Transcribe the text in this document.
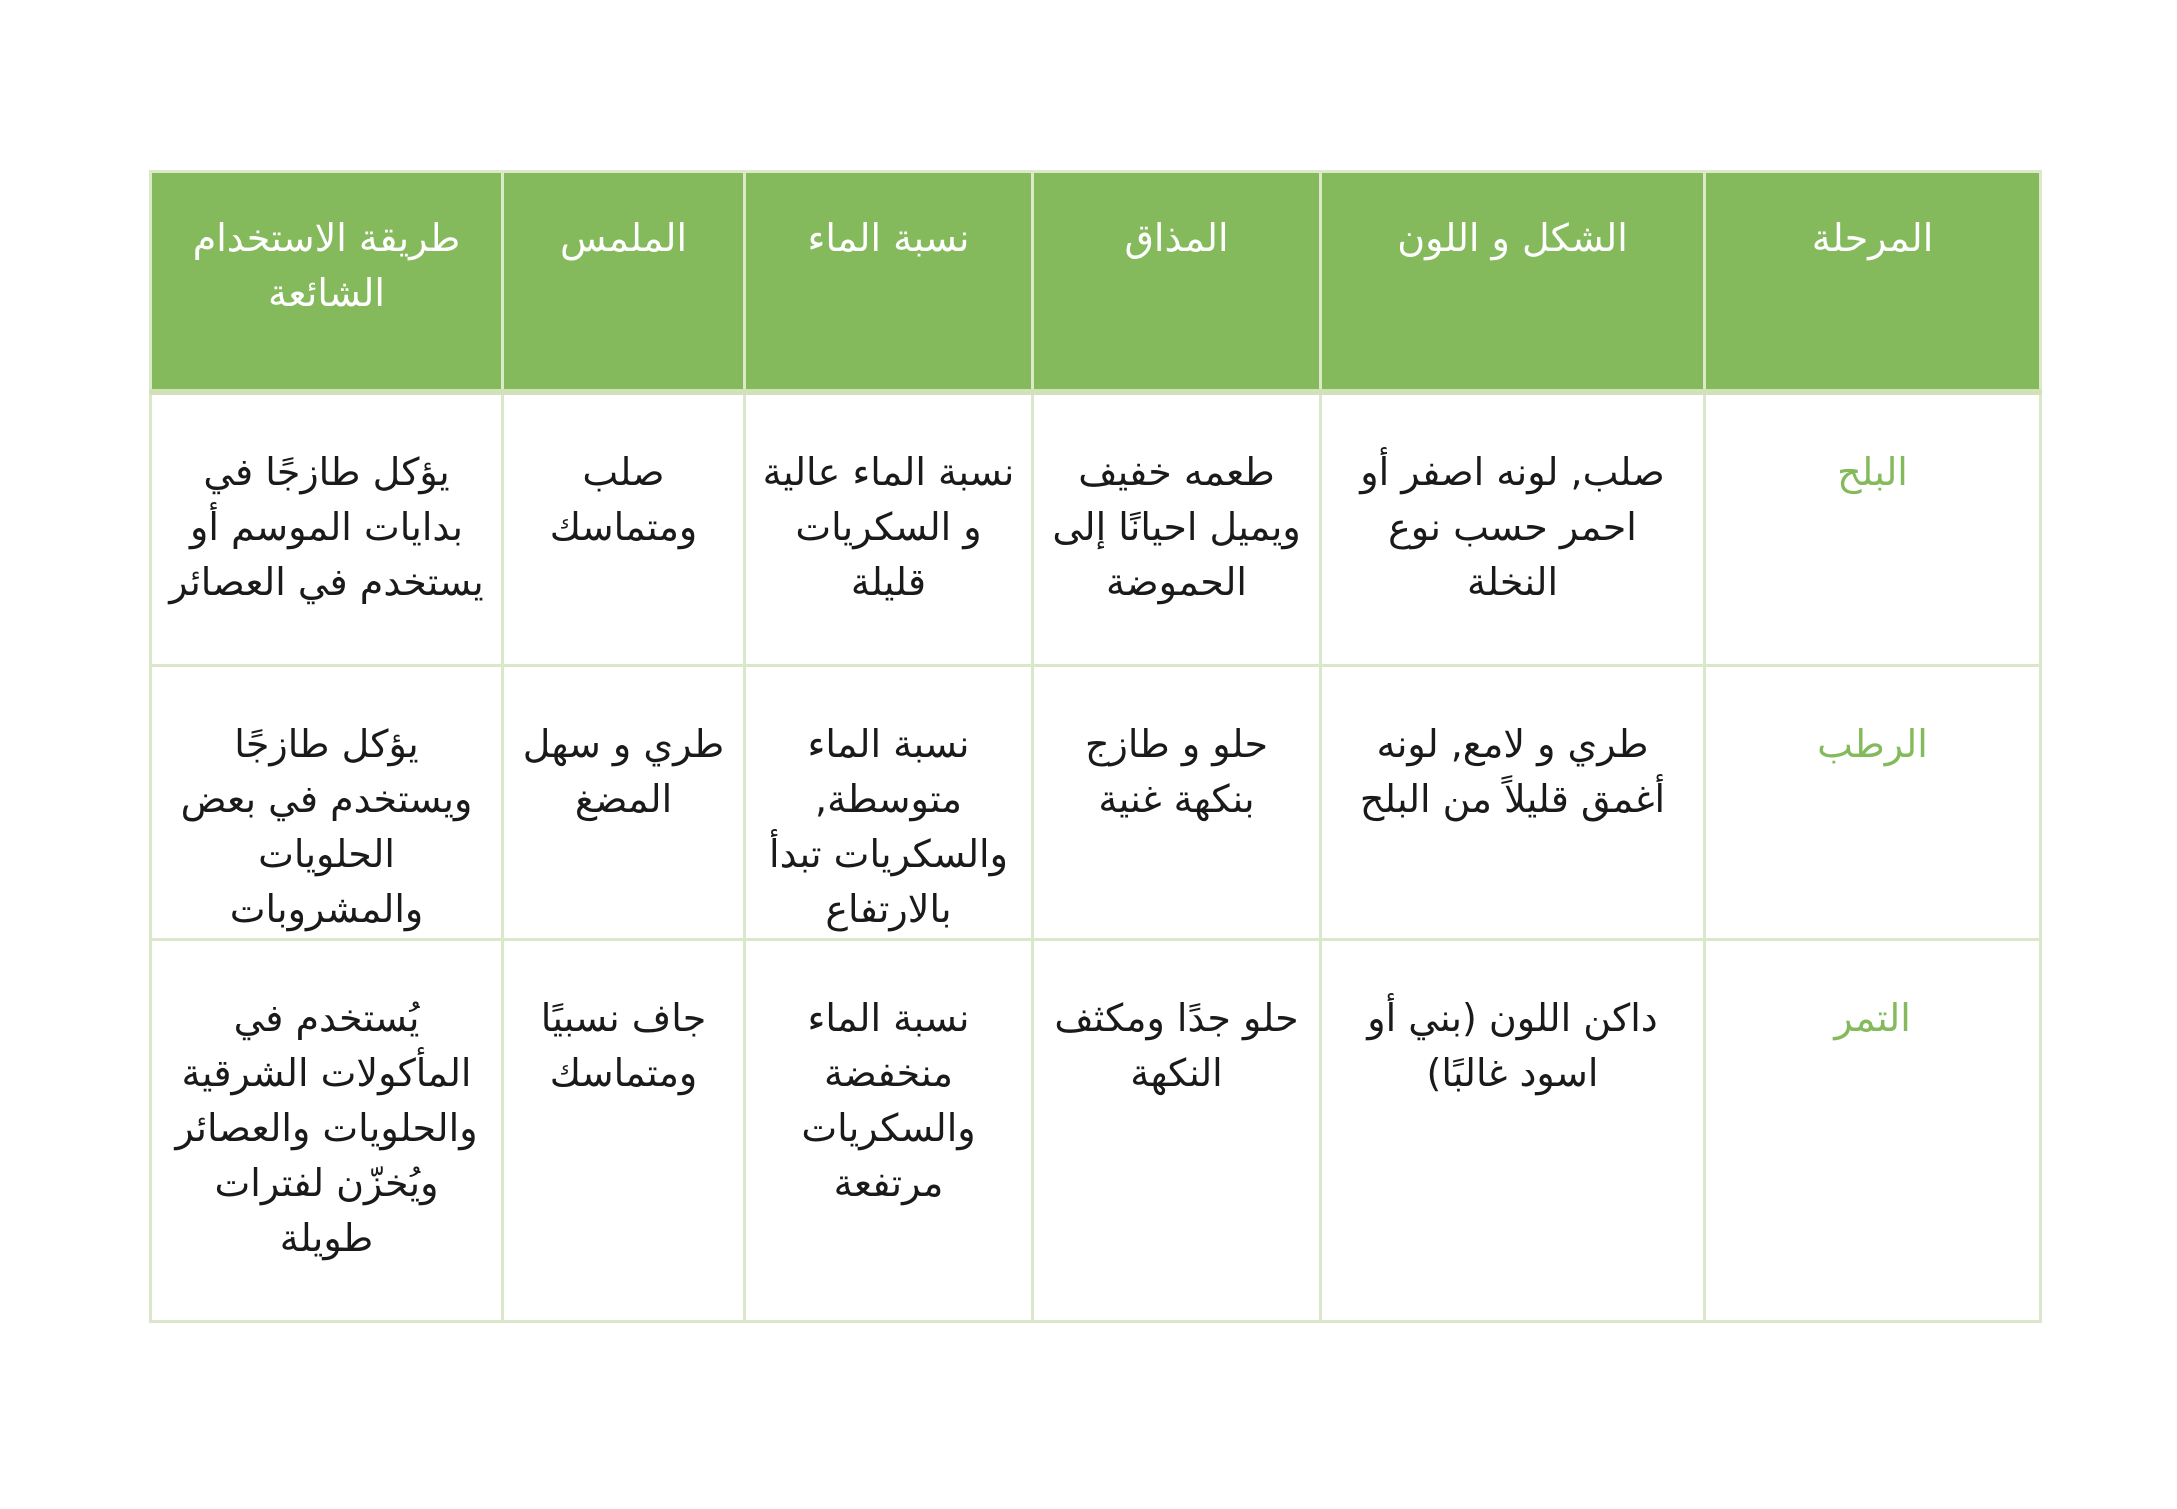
المرحلة	الشكل و اللون	المذاق	نسبة الماء	الملمس	طريقة الاستخدام الشائعة
البلح	صلب, لونه اصفر أو احمر حسب نوع النخلة	طعمه خفيف ويميل احيانًا إلى الحموضة	نسبة الماء عالية و السكريات قليلة	صلب ومتماسك	يؤكل طازجًا في بدايات الموسم أو يستخدم في العصائر
الرطب	طري و لامع, لونه أغمق قليلاً من البلح	حلو و طازج بنكهة غنية	نسبة الماء متوسطة, والسكريات تبدأ بالارتفاع	طري و سهل المضغ	يؤكل طازجًا ويستخدم في بعض الحلويات والمشروبات
التمر	داكن اللون (بني أو اسود غالبًا)	حلو جدًا ومكثف النكهة	نسبة الماء منخفضة والسكريات مرتفعة	جاف نسبيًا ومتماسك	يُستخدم في المأكولات الشرقية والحلويات والعصائر ويُخزّن لفترات طويلة
